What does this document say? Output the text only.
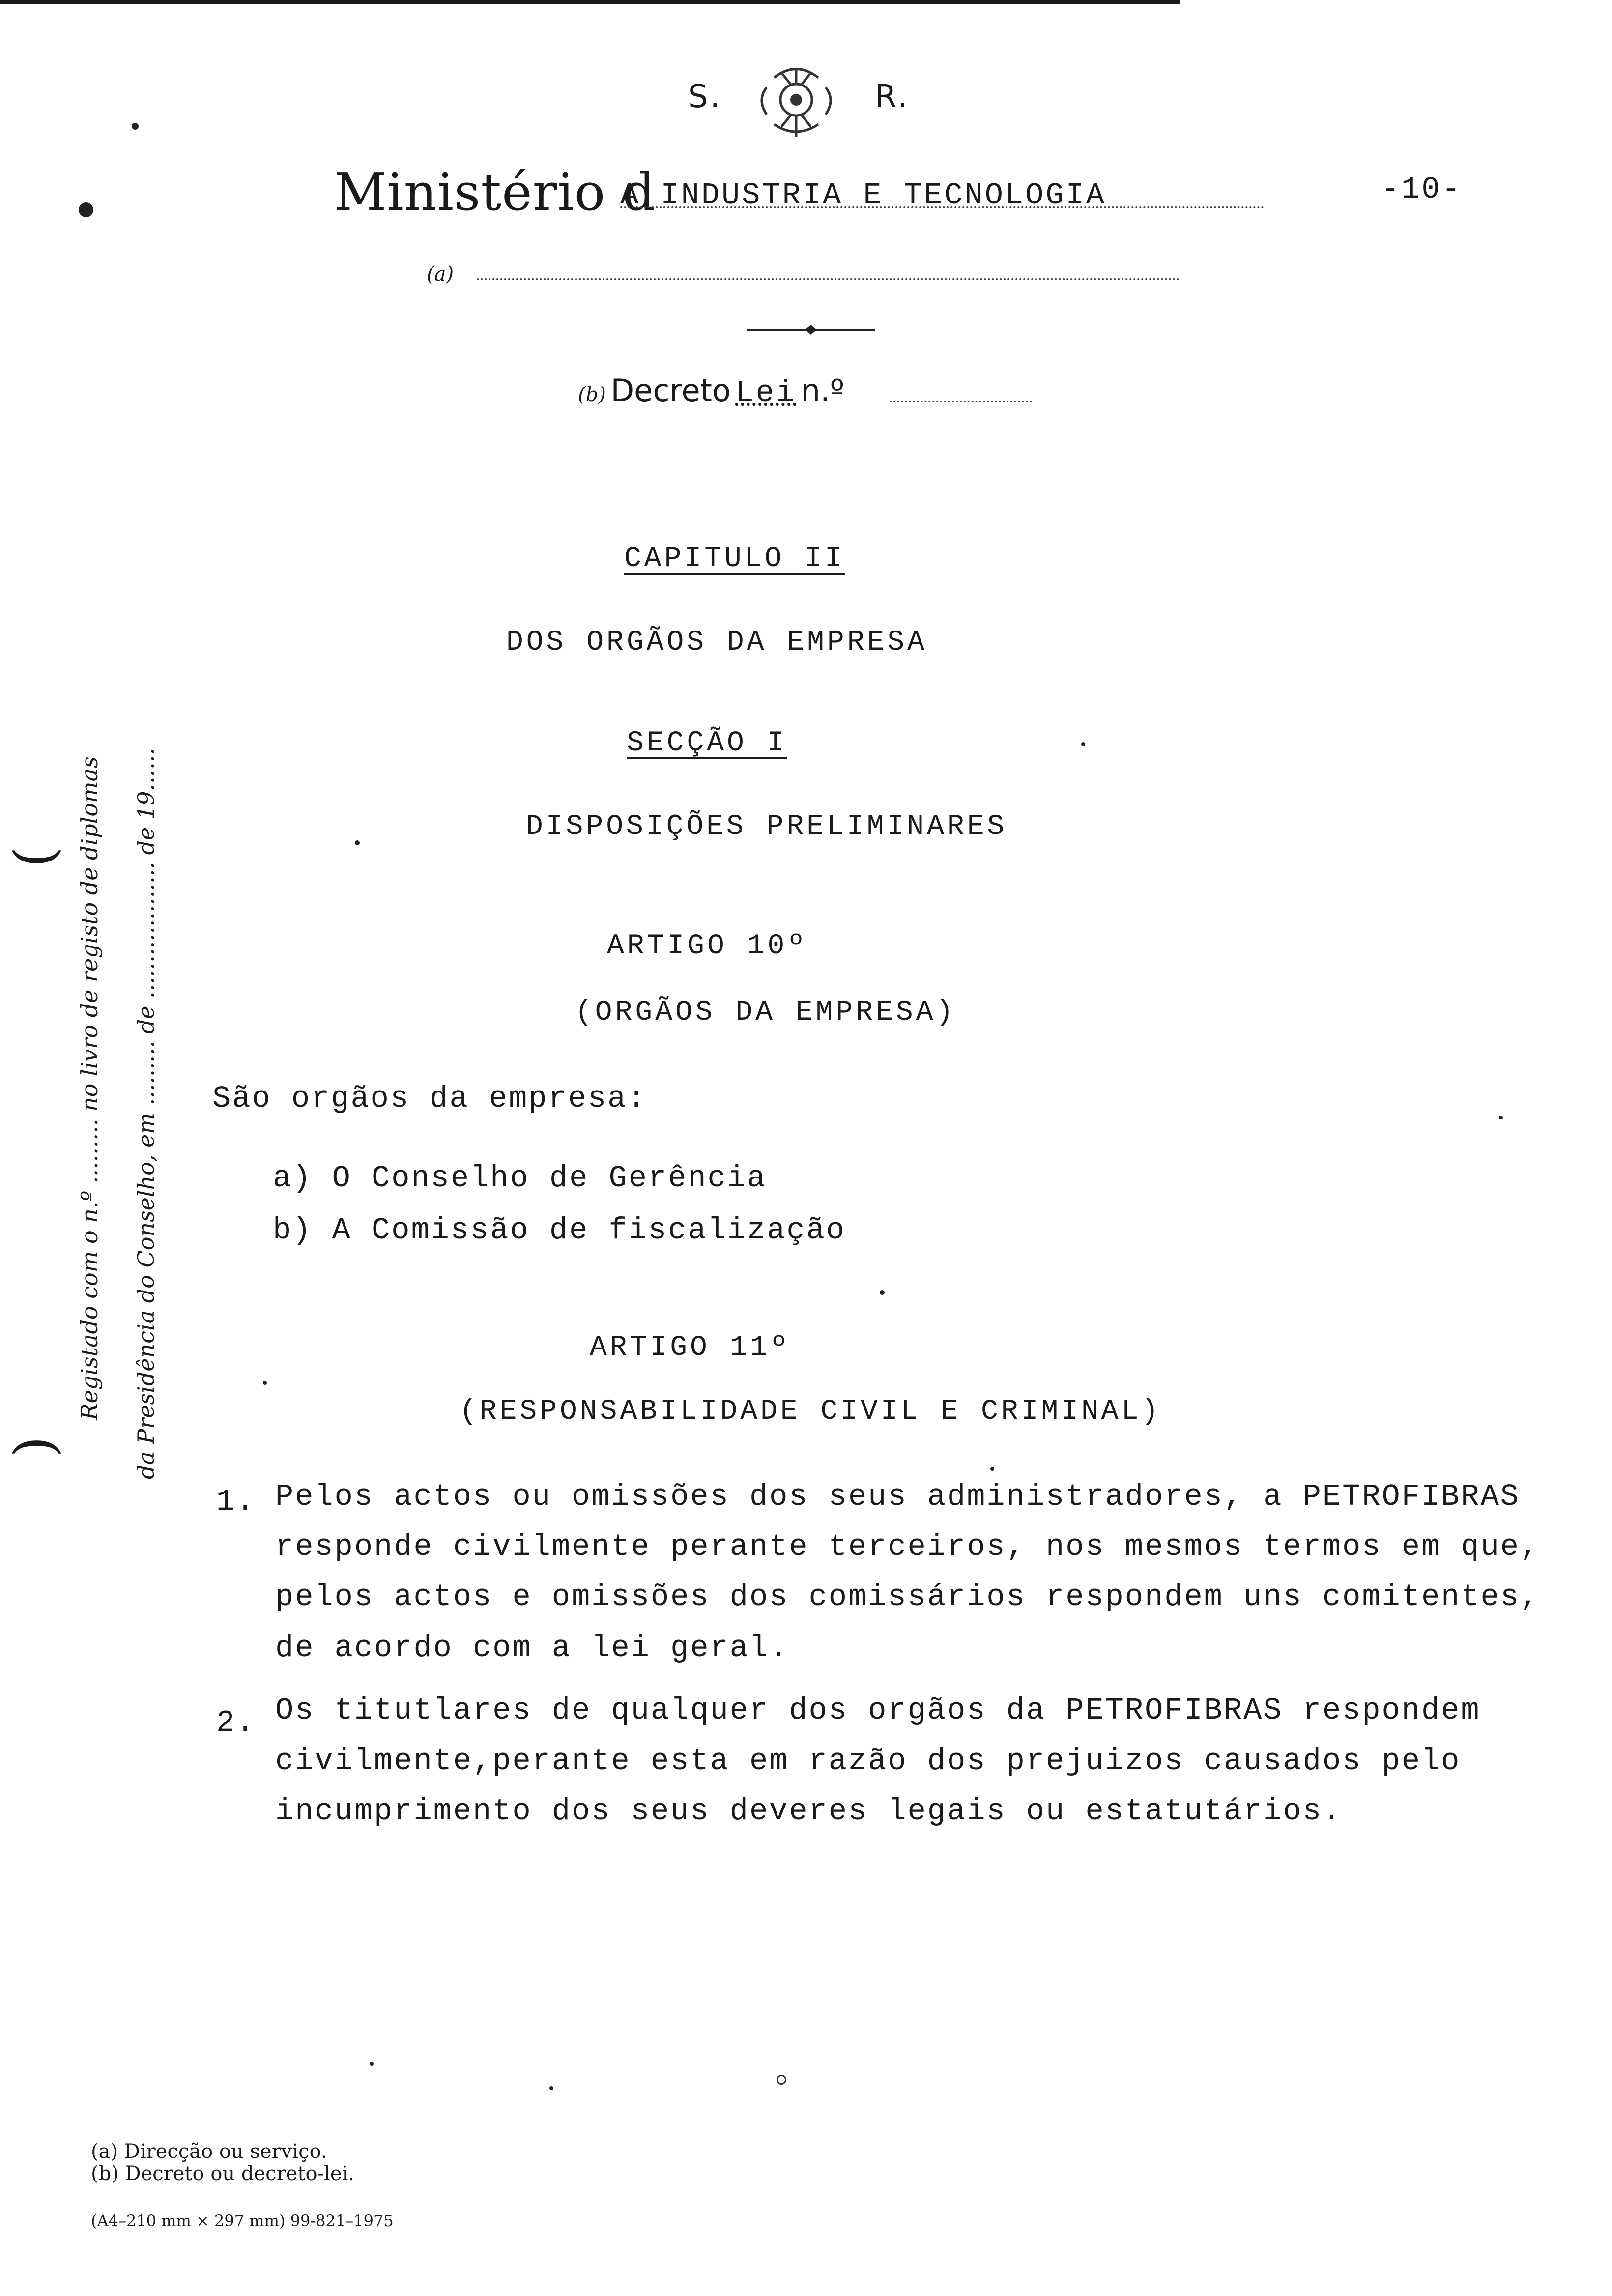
S.	R.
Ministério d
A INDUSTRIA E TECNOLOGIA	-10-
(a)
(b) Decreto Lei n.º
Registado com o n.º ......... no livro de registo de diplomas da Presidência do Conselho, em ......... de ................... de 19......
(
)
CAPITULO II
DOS ORGÃOS DA EMPRESA
SECÇÃO I
DISPOSIÇÕES PRELIMINARES
ARTIGO 10º
(ORGÃOS DA EMPRESA)
São orgãos da empresa:
a) O Conselho de Gerência
b) A Comissão de fiscalização
ARTIGO 11º
(RESPONSABILIDADE CIVIL E CRIMINAL)
1. Pelos actos ou omissões dos seus administradores, a PETROFIBRAS
responde civilmente perante terceiros, nos mesmos termos em que,
pelos actos e omissões dos comissários respondem uns comitentes,
de acordo com a lei geral.
2. Os titutlares de qualquer dos orgãos da PETROFIBRAS respondem
civilmente,perante esta em razão dos prejuizos causados pelo
incumprimento dos seus deveres legais ou estatutários.
(a) Direcção ou serviço.
(b) Decreto ou decreto-lei.
(A4–210 mm × 297 mm) 99-821–1975
